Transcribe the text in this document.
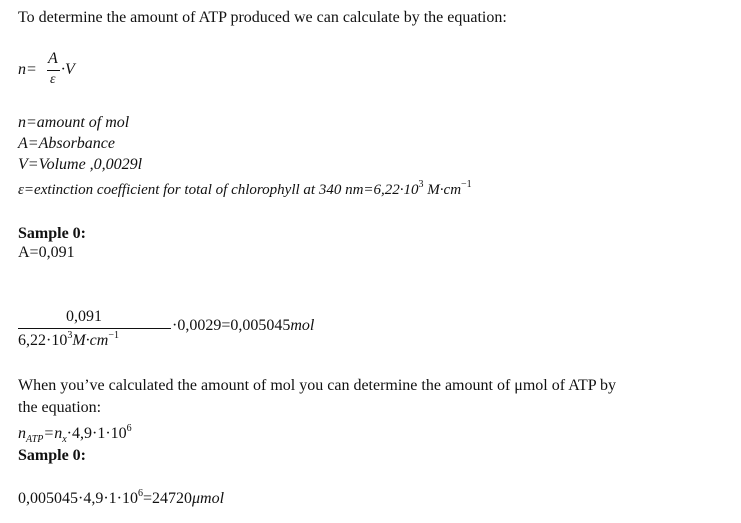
To determine the amount of ATP produced we can calculate by the equation:
n=
A
ε
·V
n=amount of mol
A=Absorbance
V=Volume ,0,0029l
ε=extinction coefficient for total of chlorophyll at 340 $nm=6,22\cdot 10^3$ $M\cdot cm^{-1}$
Sample 0:
A=0,091
0,091
$6,22\cdot 10^3M\cdot cm^{-1}$
·0,0029=0,005045mol
When you’ve calculated the amount of mol you can determine the amount of μmol of ATP by
the equation:
$n_{ATP}=n_x\cdot 4,9\cdot 1\cdot 10^6$
Sample 0:
$0,005045\cdot 4,9\cdot 1\cdot 10^6=24720\mu mol$
